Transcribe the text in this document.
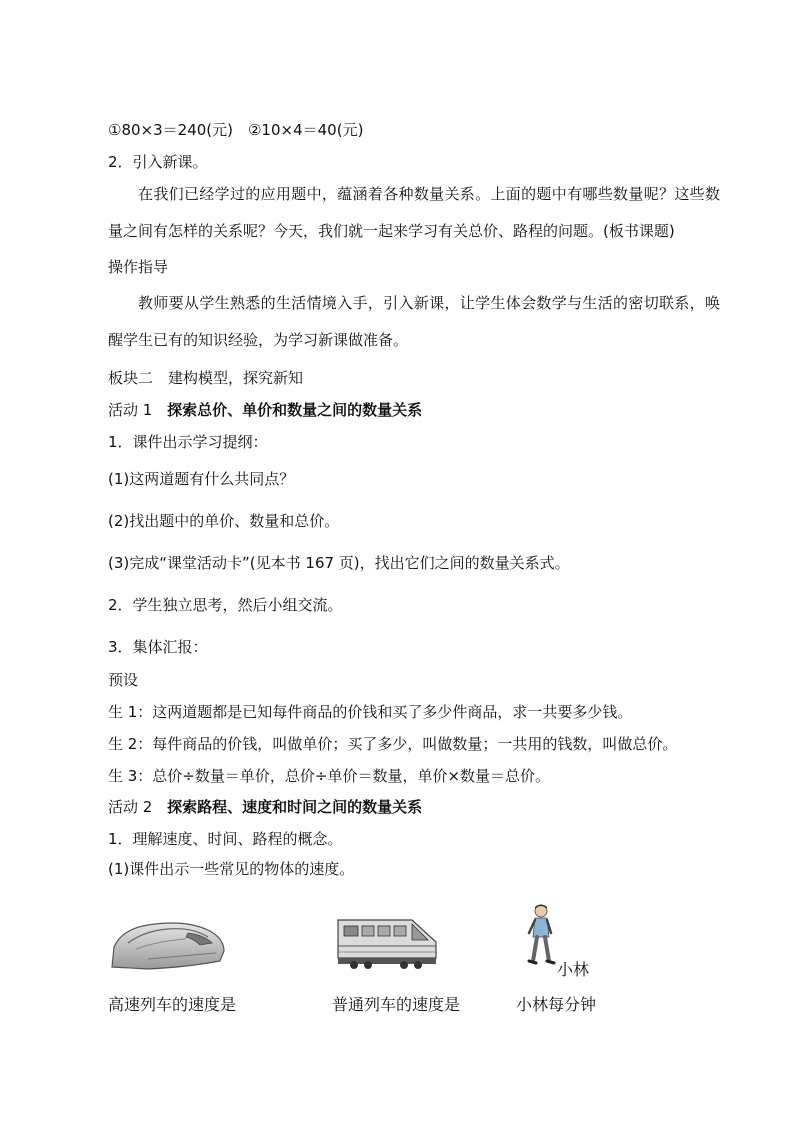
①80×3＝240(元)　②10×4＝40(元)
2．引入新课。
在我们已经学过的应用题中，蕴涵着各种数量关系。上面的题中有哪些数量呢？这些数量之间有怎样的关系呢？今天，我们就一起来学习有关总价、路程的问题。(板书课题)
操作指导
教师要从学生熟悉的生活情境入手，引入新课，让学生体会数学与生活的密切联系，唤醒学生已有的知识经验，为学习新课做准备。
板块二　建构模型，探究新知
活动 1 探索总价、单价和数量之间的数量关系
1．课件出示学习提纲：
(1)这两道题有什么共同点？
(2)找出题中的单价、数量和总价。
(3)完成“课堂活动卡”(见本书 167 页)，找出它们之间的数量关系式。
2．学生独立思考，然后小组交流。
3．集体汇报：
预设
生 1：这两道题都是已知每件商品的价钱和买了多少件商品，求一共要多少钱。
生 2：每件商品的价钱，叫做单价；买了多少，叫做数量；一共用的钱数，叫做总价。
生 3：总价÷数量＝单价，总价÷单价＝数量，单价×数量＝总价。
活动 2 探索路程、速度和时间之间的数量关系
1．理解速度、时间、路程的概念。
(1)课件出示一些常见的物体的速度。
小林
高速列车的速度是	普通列车的速度是	小林每分钟
